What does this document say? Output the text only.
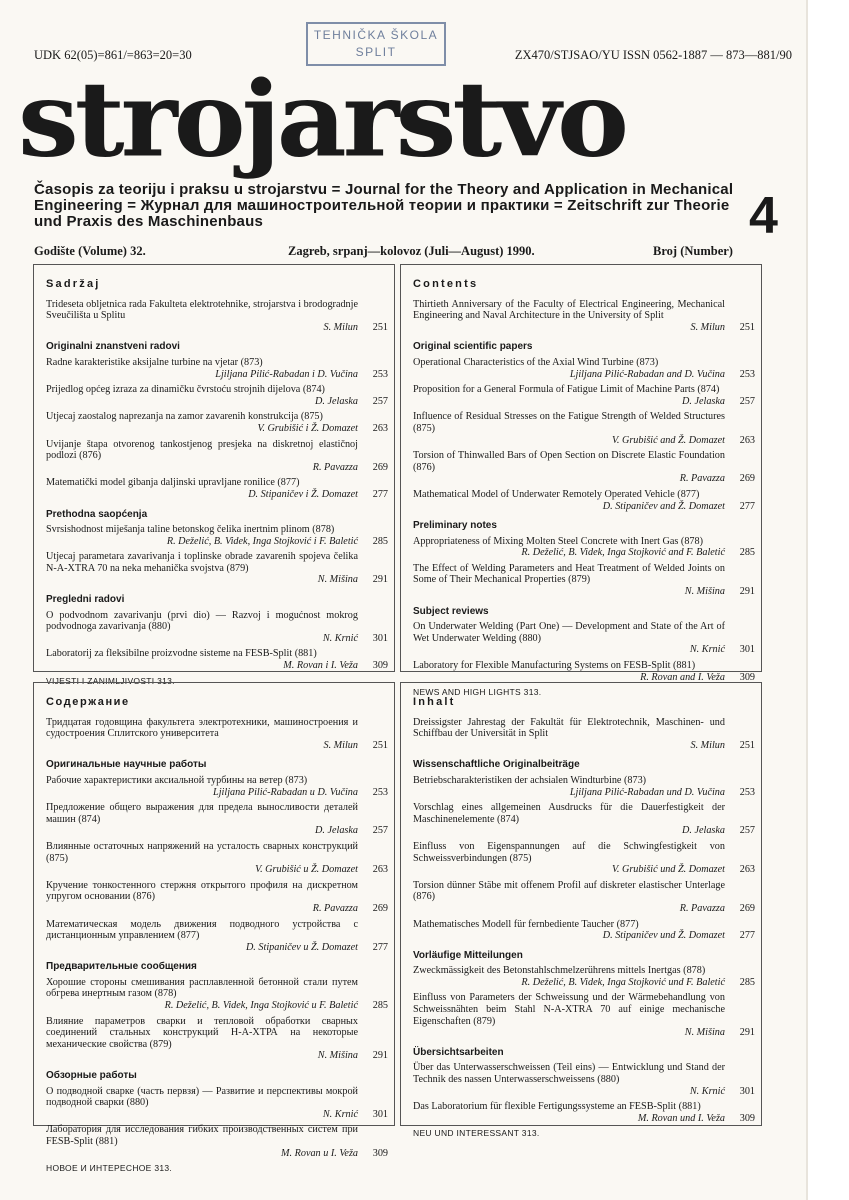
UDK 62(05)=861/=863=20=30	ZX470/STJSAO/YU ISSN 0562-1887 — 873—881/90
TEHNIČKA ŠKOLA
SPLIT
strojarstvo
Časopis za teoriju i praksu u strojarstvu = Journal for the Theory and Application in Mechanical Engineering = Журнал для машиностроительной теории и практики = Zeitschrift zur Theorie und Praxis des Maschinenbaus	4
Godište (Volume) 32.	Zagreb, srpanj—kolovoz (Juli—August) 1990.	Broj (Number)
Sadržaj
Trideseta obljetnica rada Fakulteta elektrotehnike, strojarstva i brodogradnje Sveučilišta u Splitu
S. Milun	251
Originalni znanstveni radovi
Radne karakteristike aksijalne turbine na vjetar (873)
Ljiljana Pilić-Rabadan i D. Vučina	253
Prijedlog općeg izraza za dinamičku čvrstoću strojnih dijelova (874)
D. Jelaska	257
Utjecaj zaostalog naprezanja na zamor zavarenih konstrukcija (875)
V. Grubišić i Ž. Domazet	263
Uvijanje štapa otvorenog tankostjenog presjeka na diskretnoj elastičnoj podlozi (876)
R. Pavazza	269
Matematički model gibanja daljinski upravljane ronilice (877)
D. Stipaničev i Ž. Domazet	277
Prethodna saopćenja
Svrsishodnost miješanja taline betonskog čelika inertnim plinom (878)
R. Deželić, B. Videk, Inga Stojković i F. Baletić	285
Utjecaj parametara zavarivanja i toplinske obrade zavarenih spojeva čelika N-A-XTRA 70 na neka mehanička svojstva (879)
N. Mišina	291
Pregledni radovi
O podvodnom zavarivanju (prvi dio) — Razvoj i mogućnost mokrog podvodnoga zavarivanja (880)
N. Krnić	301
Laboratorij za fleksibilne proizvodne sisteme na FESB-Split (881)
M. Rovan i I. Veža	309
VIJESTI I ZANIMLJIVOSTI 313.
Contents
Thirtieth Anniversary of the Faculty of Electrical Engineering, Mechanical Engineering and Naval Architecture in the University of Split
S. Milun	251
Original scientific papers
Operational Characteristics of the Axial Wind Turbine (873)
Ljiljana Pilić-Rabadan and D. Vučina	253
Proposition for a General Formula of Fatigue Limit of Machine Parts (874)
D. Jelaska	257
Influence of Residual Stresses on the Fatigue Strength of Welded Structures (875)
V. Grubišić and Ž. Domazet	263
Torsion of Thinwalled Bars of Open Section on Discrete Elastic Foundation (876)
R. Pavazza	269
Mathematical Model of Underwater Remotely Operated Vehicle (877)
D. Stipaničev and Ž. Domazet	277
Preliminary notes
Appropriateness of Mixing Molten Steel Concrete with Inert Gas (878)
R. Deželić, B. Videk, Inga Stojković and F. Baletić	285
The Effect of Welding Parameters and Heat Treatment of Welded Joints on Some of Their Mechanical Properties (879)
N. Mišina	291
Subject reviews
On Underwater Welding (Part One) — Development and State of the Art of Wet Underwater Welding (880)
N. Krnić	301
Laboratory for Flexible Manufacturing Systems on FESB-Split (881)
R. Rovan and I. Veža	309
NEWS AND HIGH LIGHTS 313.
Содержание
Тридцатая годовщина факультета электротехники, машиностроения и судостроения Сплитского университета
S. Milun	251
Оригинальные научные работы
Рабочие характеристики аксиальной турбины на ветер (873)
Ljiljana Pilić-Rabadan и D. Vučina	253
Предложение общего выражения для предела выносливости деталей машин (874)
D. Jelaska	257
Влиянные остаточных напряжений на усталость сварных конструкций (875)
V. Grubišić и Ž. Domazet	263
Кручение тонкостенного стержня открытого профиля на дискретном упругом основании (876)
R. Pavazza	269
Математическая модель движения подводного устройства с дистанционным управлением (877)
D. Stipaničev и Ž. Domazet	277
Предварительные сообщения
Хорошие стороны смешивания расплавленной бетонной стали путем обгрева инертным газом (878)
R. Deželić, B. Videk, Inga Stojković и F. Baletić	285
Влияние параметров сварки и тепловой обработки сварных соединений стальных конструкций Н-А-ХТРА на некоторые механические свойства (879)
N. Mišina	291
Обзорные работы
О подводной сварке (часть первзя) — Развитие и перспективы мокрой подводной сварки (880)
N. Krnić	301
Лаборатория для исследования гибких производственных систем при FESB-Split (881)
M. Rovan и I. Veža	309
НОВОЕ И ИНТЕРЕСНОЕ 313.
Inhalt
Dreissigster Jahrestag der Fakultät für Elektrotechnik, Maschinen- und Schiffbau der Universität in Split
S. Milun	251
Wissenschaftliche Originalbeiträge
Betriebscharakteristiken der achsialen Windturbine (873)
Ljiljana Pilić-Rabadan und D. Vučina	253
Vorschlag eines allgemeinen Ausdrucks für die Dauerfestigkeit der Maschinenelemente (874)
D. Jelaska	257
Einfluss von Eigenspannungen auf die Schwingfestigkeit von Schweissverbindungen (875)
V. Grubišić und Ž. Domazet	263
Torsion dünner Stäbe mit offenem Profil auf diskreter elastischer Unterlage (876)
R. Pavazza	269
Mathematisches Modell für fernbediente Taucher (877)
D. Stipaničev und Ž. Domazet	277
Vorläufige Mitteilungen
Zweckmässigkeit des Betonstahlschmelzerührens mittels Inertgas (878)
R. Deželić, B. Videk, Inga Stojković und F. Baletić	285
Einfluss von Parameters der Schweissung und der Wärmebehandlung von Schweissnähten beim Stahl N-A-XTRA 70 auf einige mechanische Eigenschaften (879)
N. Mišina	291
Übersichtsarbeiten
Über das Unterwasserschweissen (Teil eins) — Entwicklung und Stand der Technik des nassen Unterwasserschweissens (880)
N. Krnić	301
Das Laboratorium für flexible Fertigungssysteme an FESB-Split (881)
M. Rovan und I. Veža	309
NEU UND INTERESSANT 313.
